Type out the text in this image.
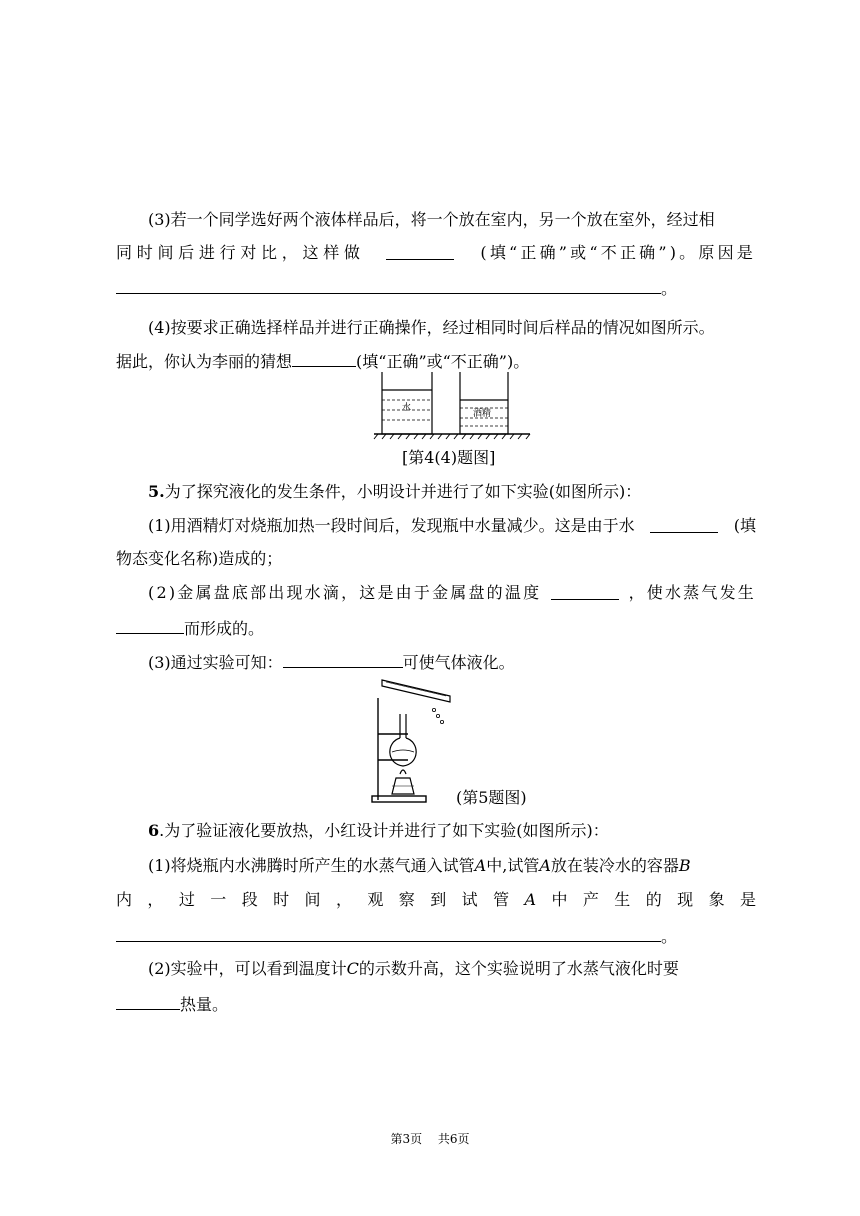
(3)若一个同学选好两个液体样品后，将一个放在室内，另一个放在室外，经过相
同 时 间 后 进 行 对 比 ， 这 样 做	(填“正确”或“不正确”)。原因是
。
(4)按要求正确选择样品并进行正确操作，经过相同时间后样品的情况如图所示。
据此，你认为李丽的猜想	(填“正确”或“不正确”)。
水
酒精
[第4(4)题图]
5.为了探究液化的发生条件，小明设计并进行了如下实验(如图所示)：
(1)用酒精灯对烧瓶加热一段时间后，发现瓶中水量减少。这是由于水	(填
物态变化名称)造成的；
(2)金属盘底部出现水滴，这是由于金属盘的温度	，使水蒸气发生
而形成的。
(3)通过实验可知：	可使气体液化。
(第5题图)
6.为了验证液化要放热，小红设计并进行了如下实验(如图所示)：
(1)将烧瓶内水沸腾时所产生的水蒸气通入试管A中,试管A放在装冷水的容器B
内 ， 过 一 段 时 间 ， 观 察 到 试 管 A 中 产 生 的 现 象 是
。
(2)实验中，可以看到温度计C的示数升高，这个实验说明了水蒸气液化时要
热量。
第3页 共6页
